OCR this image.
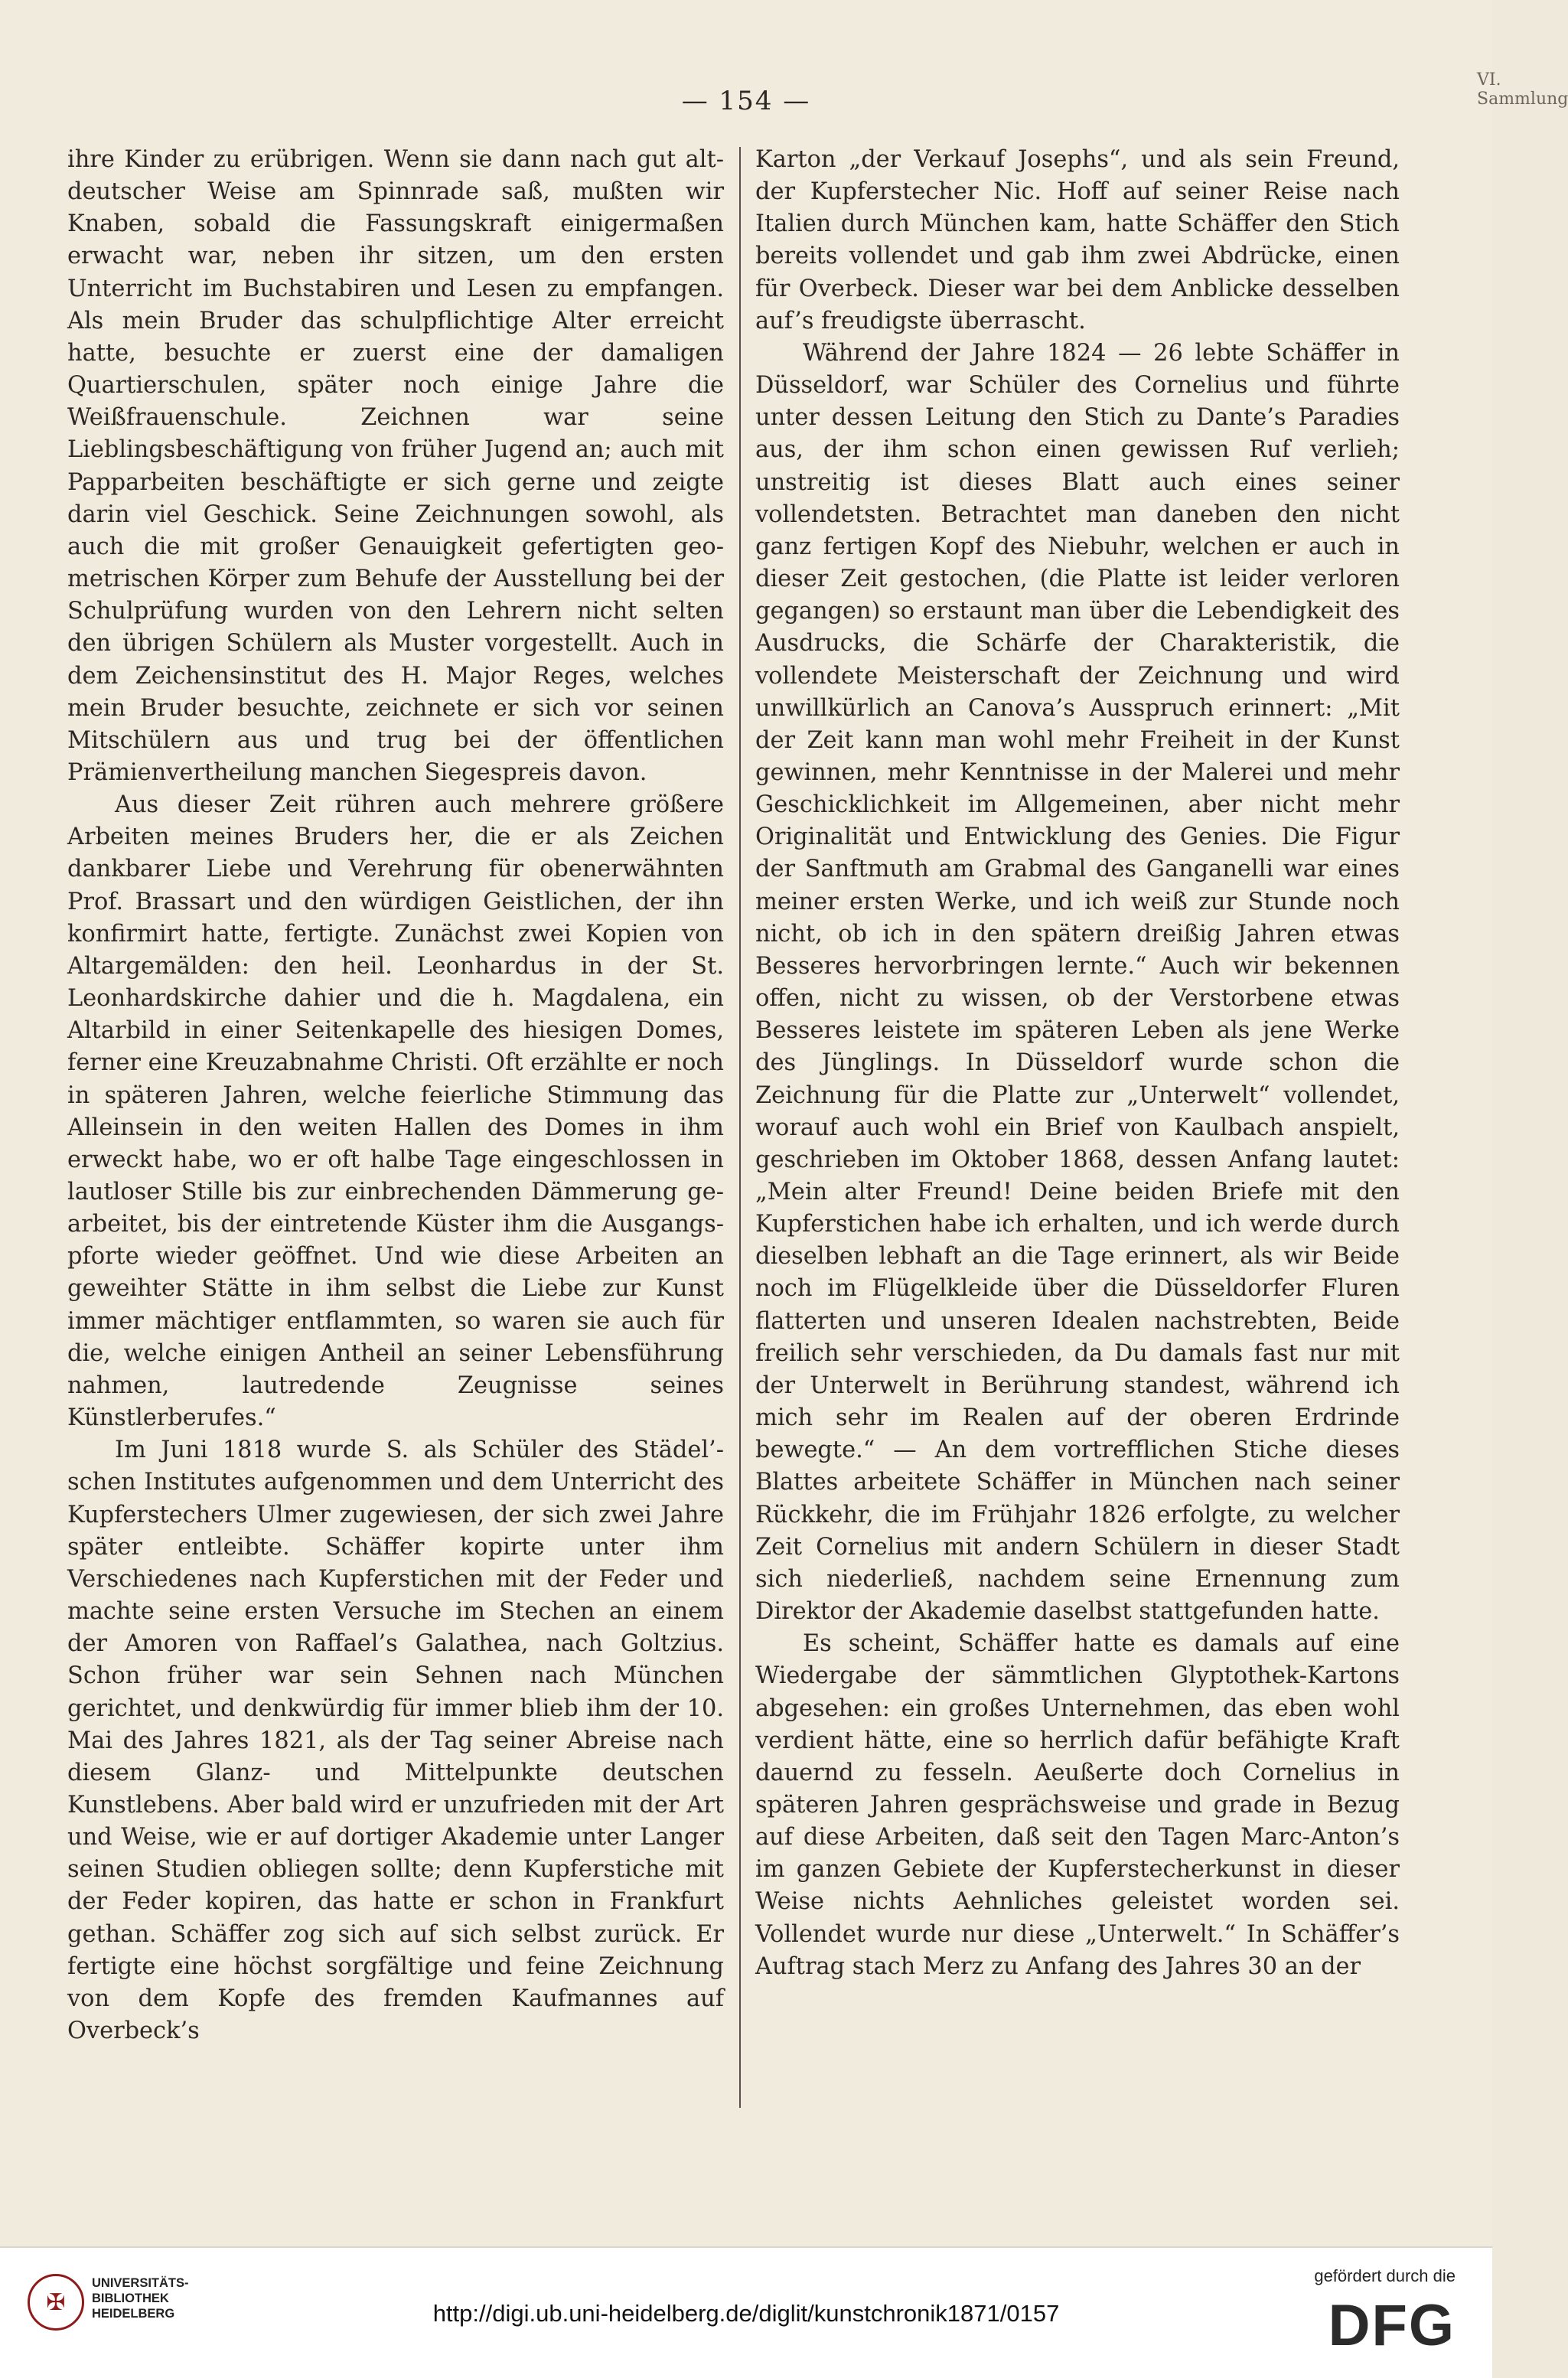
— 154 —
VI. Sammlung

ihre Kinder zu erübrigen. Wenn sie dann nach gut altdeutscher Weise am Spinnrade saß, mußten wir Knaben, sobald die Fassungskraft einigermaßen erwacht war, neben ihr sitzen, um den ersten Unterricht im Buchstabiren und Lesen zu empfangen. Als mein Bruder das schulpflichtige Alter erreicht hatte, besuchte er zuerst eine der damaligen Quartierschulen, später noch einige Jahre die Weißfrauenschule. Zeichnen war seine Lieblingsbeschäftigung von früher Jugend an; auch mit Papparbeiten beschäftigte er sich gerne und zeigte darin viel Geschick. Seine Zeichnungen sowohl, als auch die mit großer Genauigkeit gefertigten geometrischen Körper zum Behufe der Ausstellung bei der Schulprüfung wurden von den Lehrern nicht selten den übrigen Schülern als Muster vorgestellt. Auch in dem Zeichensinstitut des H. Major Reges, welches mein Bruder besuchte, zeichnete er sich vor seinen Mitschülern aus und trug bei der öffentlichen Prämienvertheilung manchen Siegespreis davon.

Aus dieser Zeit rühren auch mehrere größere Arbeiten meines Bruders her, die er als Zeichen dankbarer Liebe und Verehrung für obenerwähnten Prof. Brassart und den würdigen Geistlichen, der ihn konfirmirt hatte, fertigte. Zunächst zwei Kopien von Altargemälden: den heil. Leonhardus in der St. Leonhardskirche dahier und die h. Magdalena, ein Altarbild in einer Seitenkapelle des hiesigen Domes, ferner eine Kreuzabnahme Christi. Oft erzählte er noch in späteren Jahren, welche feierliche Stimmung das Alleinsein in den weiten Hallen des Domes in ihm erweckt habe, wo er oft halbe Tage eingeschlossen in lautloser Stille bis zur einbrechenden Dämmerung gearbeitet, bis der eintretende Küster ihm die Ausgangspforte wieder geöffnet. Und wie diese Arbeiten an geweihter Stätte in ihm selbst die Liebe zur Kunst immer mächtiger entflammten, so waren sie auch für die, welche einigen Antheil an seiner Lebensführung nahmen, lautredende Zeugnisse seines Künstlerberufes.“

Im Juni 1818 wurde S. als Schüler des Städel’schen Institutes aufgenommen und dem Unterricht des Kupferstechers Ulmer zugewiesen, der sich zwei Jahre später entleibte. Schäffer kopirte unter ihm Verschiedenes nach Kupferstichen mit der Feder und machte seine ersten Versuche im Stechen an einem der Amoren von Raffael’s Galathea, nach Goltzius. Schon früher war sein Sehnen nach München gerichtet, und denkwürdig für immer blieb ihm der 10. Mai des Jahres 1821, als der Tag seiner Abreise nach diesem Glanz- und Mittelpunkte deutschen Kunstlebens. Aber bald wird er unzufrieden mit der Art und Weise, wie er auf dortiger Akademie unter Langer seinen Studien obliegen sollte; denn Kupferstiche mit der Feder kopiren, das hatte er schon in Frankfurt gethan. Schäffer zog sich auf sich selbst zurück. Er fertigte eine höchst sorgfältige und feine Zeichnung von dem Kopfe des fremden Kaufmannes auf Overbeck’s

Karton „der Verkauf Josephs“, und als sein Freund, der Kupferstecher Nic. Hoff auf seiner Reise nach Italien durch München kam, hatte Schäffer den Stich bereits vollendet und gab ihm zwei Abdrücke, einen für Overbeck. Dieser war bei dem Anblicke desselben auf’s freudigste überrascht.

Während der Jahre 1824 — 26 lebte Schäffer in Düsseldorf, war Schüler des Cornelius und führte unter dessen Leitung den Stich zu Dante’s Paradies aus, der ihm schon einen gewissen Ruf verlieh; unstreitig ist dieses Blatt auch eines seiner vollendetsten. Betrachtet man daneben den nicht ganz fertigen Kopf des Niebuhr, welchen er auch in dieser Zeit gestochen, (die Platte ist leider verloren gegangen) so erstaunt man über die Lebendigkeit des Ausdrucks, die Schärfe der Charakteristik, die vollendete Meisterschaft der Zeichnung und wird unwillkürlich an Canova’s Ausspruch erinnert: „Mit der Zeit kann man wohl mehr Freiheit in der Kunst gewinnen, mehr Kenntnisse in der Malerei und mehr Geschicklichkeit im Allgemeinen, aber nicht mehr Originalität und Entwicklung des Genies. Die Figur der Sanftmuth am Grabmal des Ganganelli war eines meiner ersten Werke, und ich weiß zur Stunde noch nicht, ob ich in den spätern dreißig Jahren etwas Besseres hervorbringen lernte.“ Auch wir bekennen offen, nicht zu wissen, ob der Verstorbene etwas Besseres leistete im späteren Leben als jene Werke des Jünglings. In Düsseldorf wurde schon die Zeichnung für die Platte zur „Unterwelt“ vollendet, worauf auch wohl ein Brief von Kaulbach anspielt, geschrieben im Oktober 1868, dessen Anfang lautet: „Mein alter Freund! Deine beiden Briefe mit den Kupferstichen habe ich erhalten, und ich werde durch dieselben lebhaft an die Tage erinnert, als wir Beide noch im Flügelkleide über die Düsseldorfer Fluren flatterten und unseren Idealen nachstrebten, Beide freilich sehr verschieden, da Du damals fast nur mit der Unterwelt in Berührung standest, während ich mich sehr im Realen auf der oberen Erdrinde bewegte.“ — An dem vortrefflichen Stiche dieses Blattes arbeitete Schäffer in München nach seiner Rückkehr, die im Frühjahr 1826 erfolgte, zu welcher Zeit Cornelius mit andern Schülern in dieser Stadt sich niederließ, nachdem seine Ernennung zum Direktor der Akademie daselbst stattgefunden hatte.

Es scheint, Schäffer hatte es damals auf eine Wiedergabe der sämmtlichen Glyptothek-Kartons abgesehen: ein großes Unternehmen, das eben wohl verdient hätte, eine so herrlich dafür befähigte Kraft dauernd zu fesseln. Aeußerte doch Cornelius in späteren Jahren gesprächsweise und grade in Bezug auf diese Arbeiten, daß seit den Tagen Marc-Anton’s im ganzen Gebiete der Kupferstecherkunst in dieser Weise nichts Aehnliches geleistet worden sei. Vollendet wurde nur diese „Unterwelt.“ In Schäffer’s Auftrag stach Merz zu Anfang des Jahres 30 an der

✠
UNIVERSITÄTS-
BIBLIOTHEK
HEIDELBERG	http://digi.ub.uni-heidelberg.de/diglit/kunstchronik1871/0157
gefördert durch die
DFG
